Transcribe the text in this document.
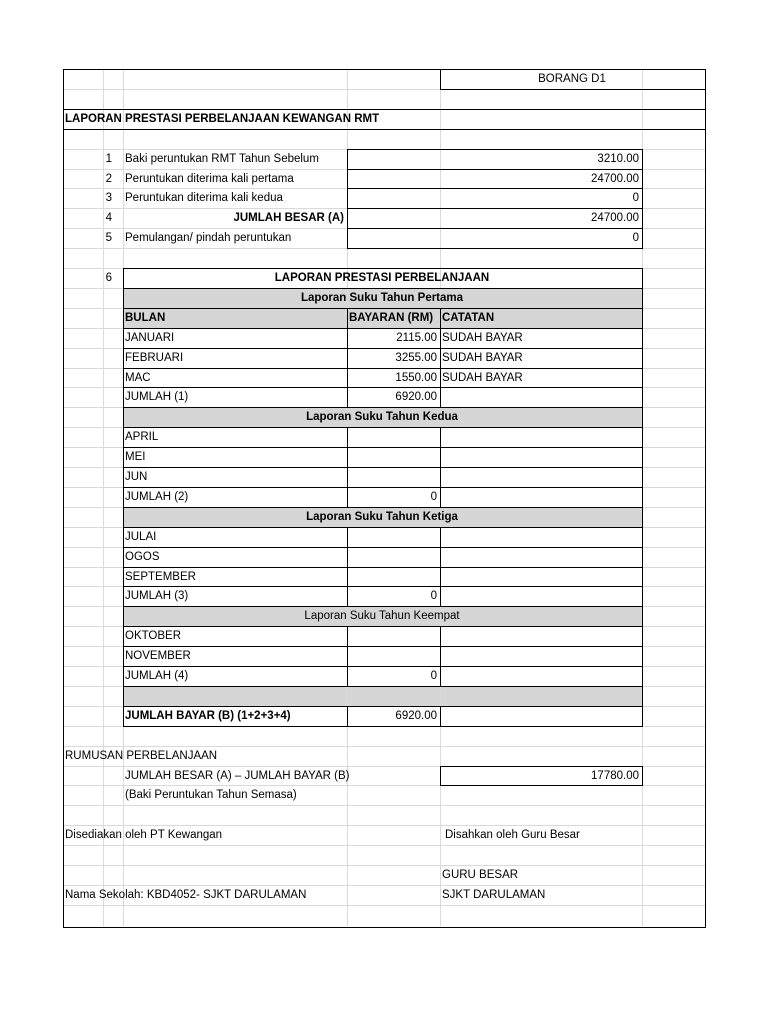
BORANG D1
LAPORAN PRESTASI PERBELANJAAN KEWANGAN RMT
1 Baki peruntukan RMT Tahun Sebelum	3210.00
2 Peruntukan diterima kali pertama	24700.00
3 Peruntukan diterima kali kedua	0
4	JUMLAH BESAR (A)	24700.00
5 Pemulangan/ pindah peruntukan	0
6	LAPORAN PRESTASI PERBELANJAAN
BULAN	BAYARAN (RM) CATATAN
Laporan Suku Tahun Pertama
JANUARI	2115.00 SUDAH BAYAR
FEBRUARI	3255.00 SUDAH BAYAR
MAC	1550.00 SUDAH BAYAR
JUMLAH (1)	6920.00
Laporan Suku Tahun Kedua
APRIL
MEI
JUN
JUMLAH (2)	0
Laporan Suku Tahun Ketiga
JULAI
OGOS
SEPTEMBER
JUMLAH (3)	0
Laporan Suku Tahun Keempat
OKTOBER
NOVEMBER
JUMLAH (4)	0
JUMLAH BAYAR (B) (1+2+3+4)	6920.00
RUMUSAN PERBELANJAAN
JUMLAH BESAR (A) – JUMLAH BAYAR (B)	17780.00
(Baki Peruntukan Tahun Semasa)
Disediakan oleh PT Kewangan	Disahkan oleh Guru Besar
GURU BESAR
Nama Sekolah: KBD4052- SJKT DARULAMAN	SJKT DARULAMAN
